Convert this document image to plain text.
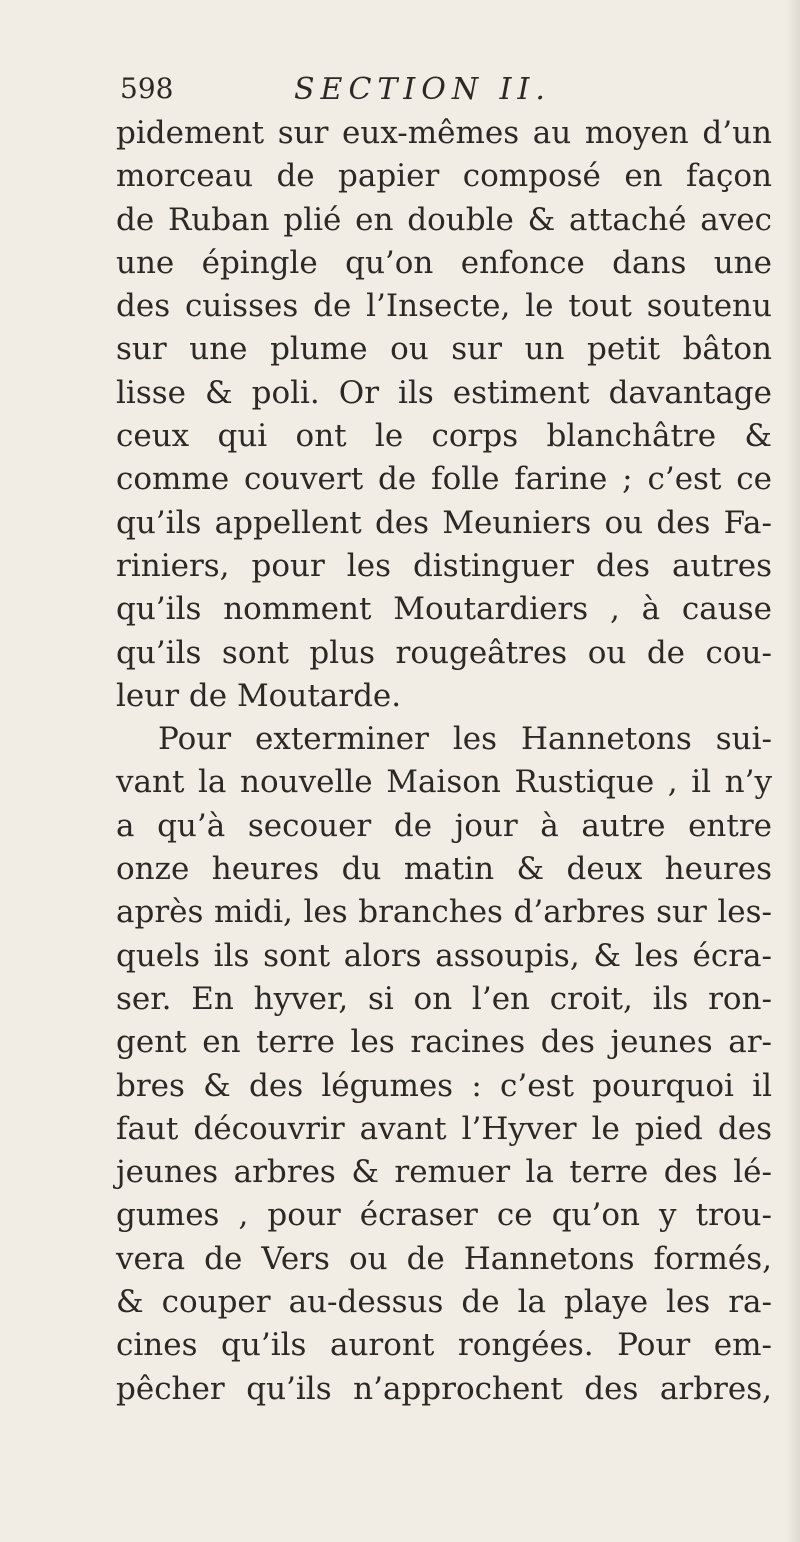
598	SECTION II.
pidement sur eux-mêmes au moyen d’un
morceau de papier composé en façon
de Ruban plié en double & attaché avec
une épingle qu’on enfonce dans une
des cuisses de l’Insecte, le tout soutenu
sur une plume ou sur un petit bâton
lisse & poli. Or ils estiment davantage
ceux qui ont le corps blanchâtre &
comme couvert de folle farine ; c’est ce
qu’ils appellent des Meuniers ou des Fa-
riniers, pour les distinguer des autres
qu’ils nomment Moutardiers , à cause
qu’ils sont plus rougeâtres ou de cou-
leur de Moutarde.
Pour exterminer les Hannetons sui-
vant la nouvelle Maison Rustique , il n’y
a qu’à secouer de jour à autre entre
onze heures du matin & deux heures
après midi, les branches d’arbres sur les-
quels ils sont alors assoupis, & les écra-
ser. En hyver, si on l’en croit, ils ron-
gent en terre les racines des jeunes ar-
bres & des légumes : c’est pourquoi il
faut découvrir avant l’Hyver le pied des
jeunes arbres & remuer la terre des lé-
gumes , pour écraser ce qu’on y trou-
vera de Vers ou de Hannetons formés,
& couper au-dessus de la playe les ra-
cines qu’ils auront rongées. Pour em-
pêcher qu’ils n’approchent des arbres,
